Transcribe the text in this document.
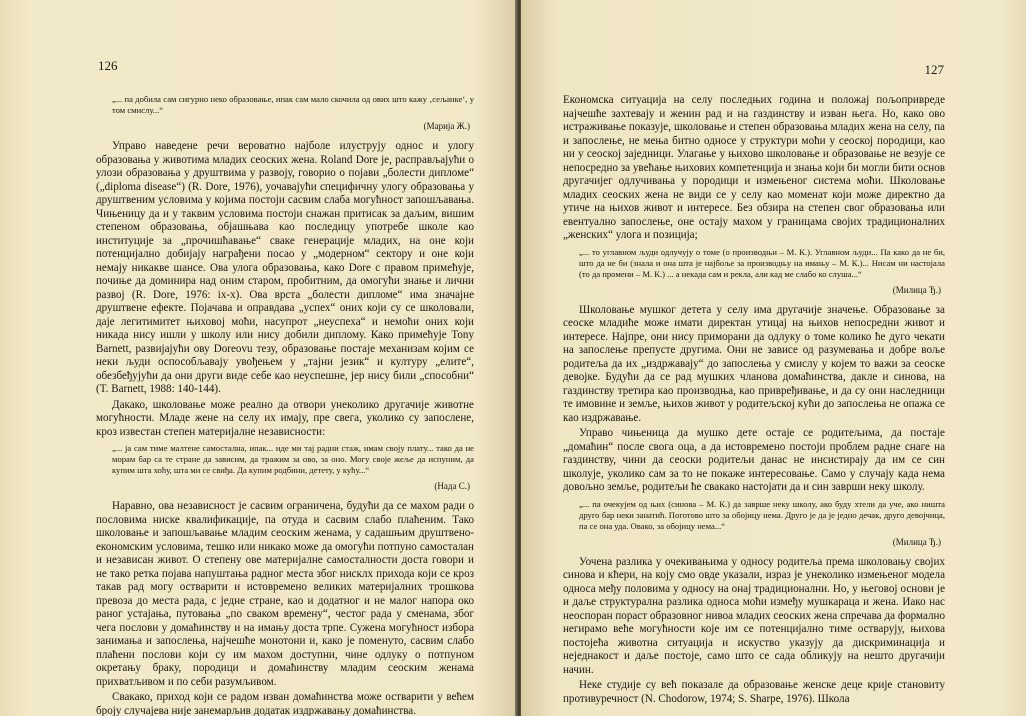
126
„... па добила сам сигурно неко образовање, ипак сам мало скочила од ових што кажу ‚сељанке‘, у том смислу...“
(Марија Ж.)

Управо наведене речи вероватно најболе илуструју однос и улогу образовања у животима младих сеоских жена. Roland Dore је, расправљајући о улози образовања у друштвима у развоју, говорио о појави „болести дипломе“ („diploma disease“) (R. Dore, 1976), уочавајући специфичну улогу образовања у друштвеним условима у којима постоји сасвим слаба могућност запошљавања. Чињеницу да и у таквим условима постоји снажан притисак за даљим, вишим степеном образовања, објашњава као последицу употребе школе као институције за „прочишћавање“ сваке генерације младих, на оне који потенцијално добијају награђени посао у „модерном“ сектору и оне који немају никакве шансе. Ова улога образовања, како Dore с правом примећује, почиње да доминира над оним старом, пробитним, да омогући знање и лични развој (R. Dore, 1976: ix-x). Ова врста „болести дипломе“ има значајне друштвене ефекте. Појачава и оправдава „успех“ оних који су се школовали, даје легитимитет њиховој моћи, насупрот „неуспеха“ и немоћи оних који никада нису ишли у школу или нису добили диплому. Како примећује Tony Barnett, развијајући ову Doreovu тезу, образовање постаје механизам којим се неки људи оспособљавају увођењем у „тајни језик“ и културу „елите“, обезбеђујући да они други виде себе као неуспешне, јер нису били „способни“ (T. Barnett, 1988: 140-144).

Дакако, школовање може реално да отвори унеколико другачије животне могућности. Младе жене на селу их имају, пре свега, уколико су запослене, кроз известан степен материјалне независности:

„... ја сам тиме малтене самостална, ипак... иде ми тај радни стаж, имам своју плату... тако да не морам бар са те стране да зависим, да тражим за ово, за оно. Могу своје жеље да испуним, да купим шта хоћу, шта ми се свиђа. Да купим родбини, детету, у кућу...“
(Нада С.)

Наравно, ова независност је сасвим ограничена, будући да се махом ради о пословима ниске квалификације, па отуда и сасвим слабо плаћеним. Тако школовање и запошљавање младим сеоским женама, у садашњим друштвено-економским условима, тешко или никако може да омогући потпуно самосталан и независан живот. О степену ове материјалне самосталности доста говори и не тако ретка појава напуштања радног места због нисклх прихода који се кроз такав рад могу остварити и истовремено великих материјалних трошкова превоза до места рада, с једне стране, као и додатног и не малог напора око раног устајања, путовања „по сваком времену“, честог рада у сменама, због чега послови у домаћинству и на имању доста трпе. Сужена могућност избора занимања и запослења, најчешће монотони и, како је поменуто, сасвим слабо плаћени послови који су им махом доступни, чине одлуку о потпуном окретању браку, породици и домаћинству младим сеоским женама прихватљивом и по себи разумљивом.

Свакако, приход који се радом изван домаћинства може остварити у већем броју случајева није занемарљив додатак издржавању домаћинства.

127

Економска ситуација на селу последњих година и положај пољопривреде најчешће захтевају и женин рад и на газдинству и изван њега. Но, како ово истраживање показује, школовање и степен образовања младих жена на селу, па и запослење, не мења битно односе у структури моћи у сеоској породици, као ни у сеоској заједници. Улагање у њихово школовање и образовање не везује се непосредно за увећање њихових компетенција и знања који би могли бити основ другачијег одлучивања у породици и измењеног система моћи. Школовање младих сеоских жена не види се у селу као моменат који може директно да утиче на њихов живот и интересе. Без обзира на степен свог образовања или евентуално запослење, оне остају махом у границама својих традиционалних „женских“ улога и позиција;

„... то углавном људи одлучују о томе (о производњи – М. К.). Углавном људи... Па како да не би, што да не би (знала и она шта је најбоље за производњу на имању – М. К.)... Нисам ни настојала (то да промени – М. К.) ... а некада сам и рекла, али кад ме слабо ко слуша...“
(Милица Ђ.)

Школовање мушког детета у селу има другачије значење. Образовање за сеоске младиће може имати директан утицај на њихов непосредни живот и интересе. Најпре, они нису приморани да одлуку о томе колико ће дуго чекати на запослење препусте другима. Они не зависе од разумевања и добре воље родитеља да их „издржавају“ до запослења у смислу у којем то важи за сеоске девојке. Будући да се рад мушких чланова домаћинства, дакле и синова, на газдинству третира као производња, као привређивање, и да су они наследници те имовине и земље, њихов живот у родитељској кући до запослења не опажа се као издржавање.

Управо чињеница да мушко дете остаје се родитељима, да постаје „домаћин“ после свога оца, а да истовремено постоји проблем радне снаге на газдинству, чини да сеоски родитељи данас не инсистирају да им се син школује, уколико сам за то не покаже интересовање. Само у случају када нема довољно земље, родитељи ће свакако настојати да и син заврши неку школу.

„... па очекујем од њих (синова – М. К.) да заврше неку школу, ако буду хтели да уче, ако ништа друго бар неки занатић. Поготово што за обојицу нема. Друго је да је једно дечак, друго девојчица, па се она уда. Овако, за обојицу нема...“
(Милица Ђ.)

Уочена разлика у очекивањима у односу родитеља према школовању својих синова и кћери, на коју смо овде указали, израз је унеколико измењеног модела односа међу половима у односу на онај традиционални. Но, у његовој основи је и даље структурална разлика односа моћи између мушкараца и жена. Иако нас неоспоран пораст образовног нивоа младих сеоских жена спречава да формално негирамо веће могућности које им се потенцијално тиме остварују, њихова постојећа животна ситуација и искуство указују да дискриминација и неједнакост и даље постоје, само што се сада обликују на нешто другачији начин.

Неке студије су већ показале да образовање женске деце крије становиту противуречност (N. Chodorow, 1974; S. Sharpe, 1976). Школа
